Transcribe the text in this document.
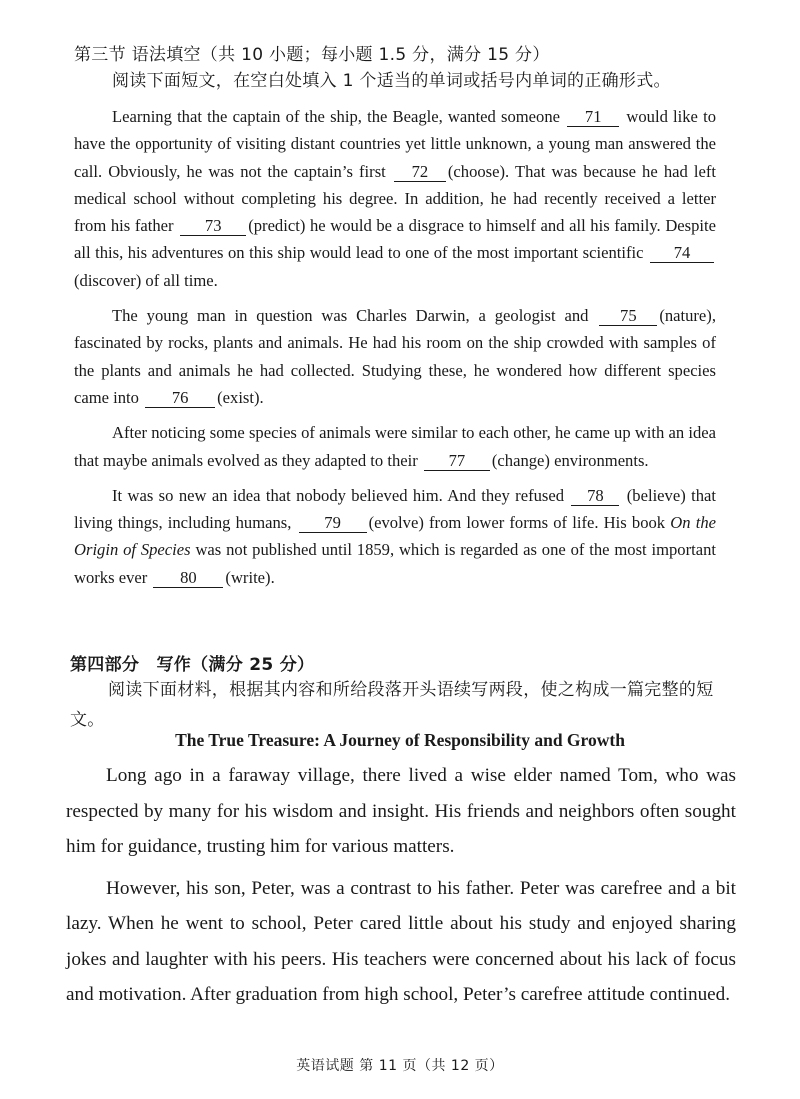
第三节 语法填空（共 10 小题；每小题 1.5 分，满分 15 分）
阅读下面短文，在空白处填入 1 个适当的单词或括号内单词的正确形式。

Learning that the captain of the ship, the Beagle, wanted someone 71 would like to have the opportunity of visiting distant countries yet little unknown, a young man answered the call. Obviously, he was not the captain’s first 72 (choose). That was because he had left medical school without completing his degree. In addition, he had recently received a letter from his father 73 (predict) he would be a disgrace to himself and all his family. Despite all this, his adventures on this ship would lead to one of the most important scientific 74(discover) of all time.

The young man in question was Charles Darwin, a geologist and 75 (nature), fascinated by rocks, plants and animals. He had his room on the ship crowded with samples of the plants and animals he had collected. Studying these, he wondered how different species came into 76 (exist).

After noticing some species of animals were similar to each other, he came up with an idea that maybe animals evolved as they adapted to their 77 (change) environments.

It was so new an idea that nobody believed him. And they refused 78 (believe) that living things, including humans, 79 (evolve) from lower forms of life. His book On the Origin of Species was not published until 1859, which is regarded as one of the most important works ever 80 (write).

第四部分　写作（满分 25 分）
阅读下面材料，根据其内容和所给段落开头语续写两段，使之构成一篇完整的短文。
The True Treasure: A Journey of Responsibility and Growth

Long ago in a faraway village, there lived a wise elder named Tom, who was respected by many for his wisdom and insight. His friends and neighbors often sought him for guidance, trusting him for various matters.

However, his son, Peter, was a contrast to his father. Peter was carefree and a bit lazy. When he went to school, Peter cared little about his study and enjoyed sharing jokes and laughter with his peers. His teachers were concerned about his lack of focus and motivation. After graduation from high school, Peter’s carefree attitude continued.

英语试题 第 11 页（共 12 页）
